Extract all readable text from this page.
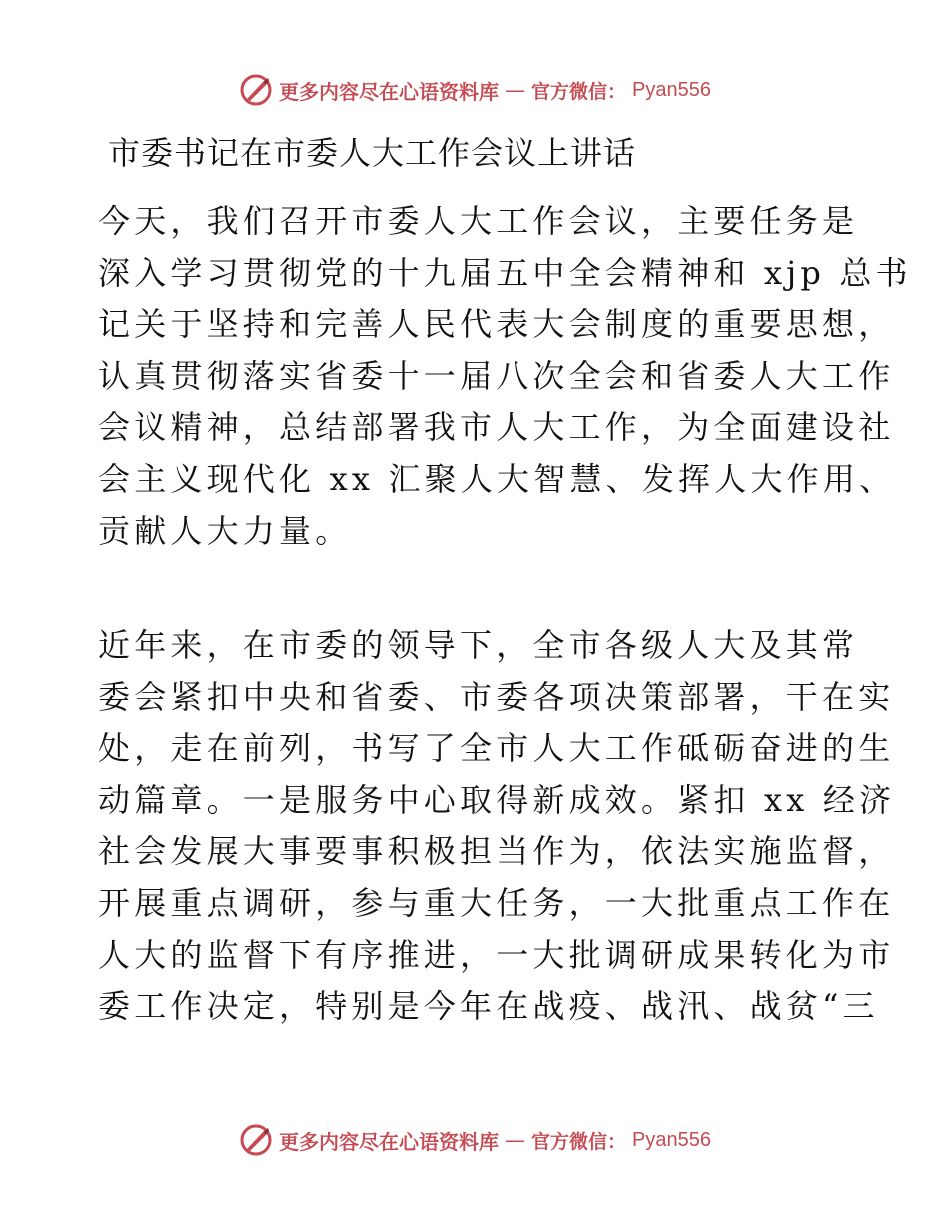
更多内容尽在心语资料库 — 官方微信： Pyan556
市委书记在市委人大工作会议上讲话
今天，我们召开市委人大工作会议，主要任务是
深入学习贯彻党的十九届五中全会精神和 xjp 总书
记关于坚持和完善人民代表大会制度的重要思想，
认真贯彻落实省委十一届八次全会和省委人大工作
会议精神，总结部署我市人大工作，为全面建设社
会主义现代化 xx 汇聚人大智慧、发挥人大作用、
贡献人大力量。
近年来，在市委的领导下，全市各级人大及其常
委会紧扣中央和省委、市委各项决策部署，干在实
处，走在前列，书写了全市人大工作砥砺奋进的生
动篇章。一是服务中心取得新成效。紧扣 xx 经济
社会发展大事要事积极担当作为，依法实施监督，
开展重点调研，参与重大任务，一大批重点工作在
人大的监督下有序推进，一大批调研成果转化为市
委工作决定，特别是今年在战疫、战汛、战贫“三
更多内容尽在心语资料库 — 官方微信： Pyan556
